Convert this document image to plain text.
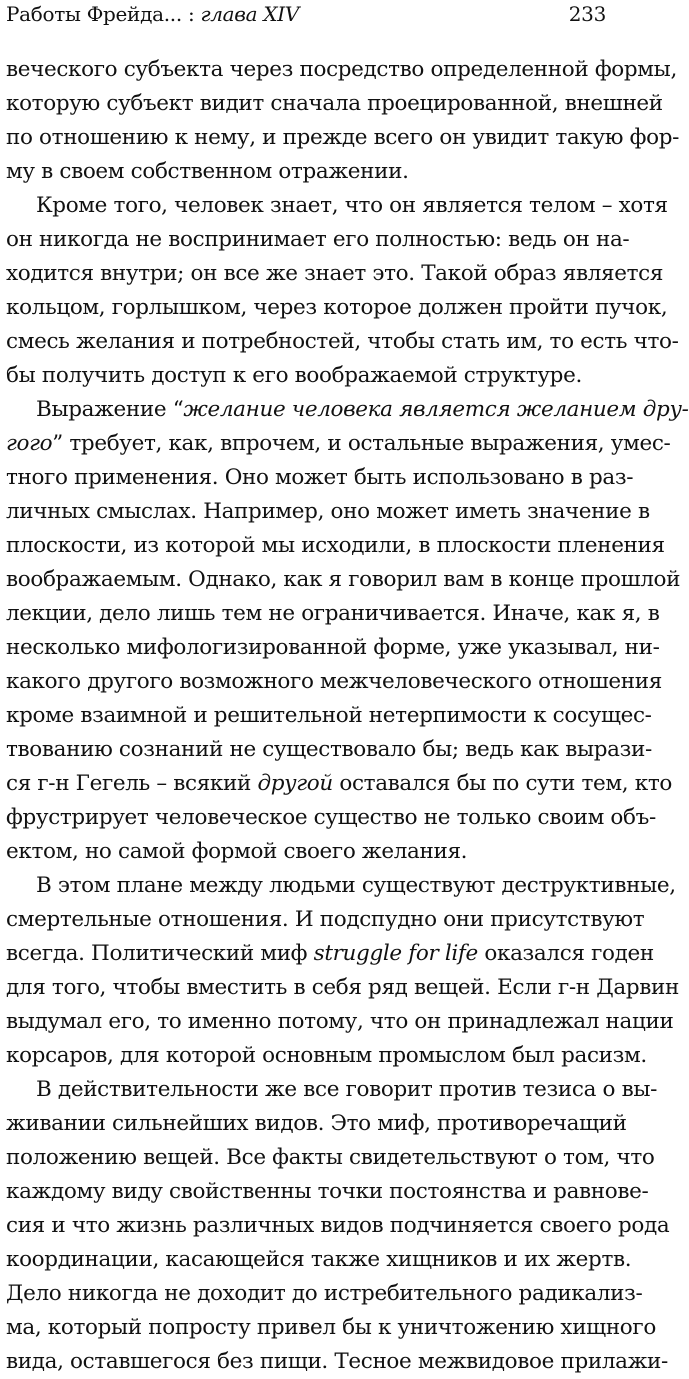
Работы Фрейда... : глава XIV	233
веческого субъекта через посредство определенной формы,
которую субъект видит сначала проецированной, внешней
по отношению к нему, и прежде всего он увидит такую фор-
му в своем собственном отражении.
Кроме того, человек знает, что он является телом – хотя
он никогда не воспринимает его полностью: ведь он на-
ходится внутри; он все же знает это. Такой образ является
кольцом, горлышком, через которое должен пройти пучок,
смесь желания и потребностей, чтобы стать им, то есть что-
бы получить доступ к его воображаемой структуре.
Выражение “желание человека является желанием дру-
гого” требует, как, впрочем, и остальные выражения, умес-
тного применения. Оно может быть использовано в раз-
личных смыслах. Например, оно может иметь значение в
плоскости, из которой мы исходили, в плоскости пленения
воображаемым. Однако, как я говорил вам в конце прошлой
лекции, дело лишь тем не ограничивается. Иначе, как я, в
несколько мифологизированной форме, уже указывал, ни-
какого другого возможного межчеловеческого отношения
кроме взаимной и решительной нетерпимости к сосущес-
твованию сознаний не существовало бы; ведь как вырази-
ся г-н Гегель – всякий другой оставался бы по сути тем, кто
фрустрирует человеческое существо не только своим объ-
ектом, но самой формой своего желания.
В этом плане между людьми существуют деструктивные,
смертельные отношения. И подспудно они присутствуют
всегда. Политический миф struggle for life оказался годен
для того, чтобы вместить в себя ряд вещей. Если г-н Дарвин
выдумал его, то именно потому, что он принадлежал нации
корсаров, для которой основным промыслом был расизм.
В действительности же все говорит против тезиса о вы-
живании сильнейших видов. Это миф, противоречащий
положению вещей. Все факты свидетельствуют о том, что
каждому виду свойственны точки постоянства и равнове-
сия и что жизнь различных видов подчиняется своего рода
координации, касающейся также хищников и их жертв.
Дело никогда не доходит до истребительного радикализ-
ма, который попросту привел бы к уничтожению хищного
вида, оставшегося без пищи. Тесное межвидовое прилажи-
